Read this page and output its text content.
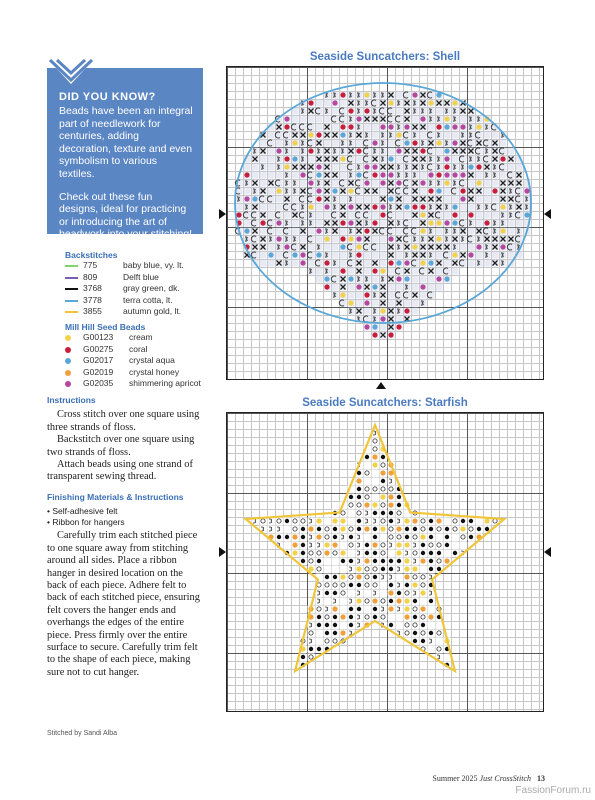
DID YOU KNOW?

Beads have been an integral part of needlework for centuries, adding decoration, texture and even symbolism to various textiles.

Check out these fun designs, ideal for practicing or introducing the art of beadwork into your stitching!

Backstitches
	775	baby blue, vy. lt.
	809	Delft blue
	3768	gray green, dk.
	3778	terra cotta, lt.
	3855	autumn gold, lt.
Mill Hill Seed Beads
	G00123	cream
	G00275	coral
	G02017	crystal aqua
	G02019	crystal honey
	G02035	shimmering apricot
Instructions

Cross stitch over one square using three strands of floss.

Backstitch over one square using two strands of floss.

Attach beads using one strand of transparent sewing thread.

Finishing Materials & Instructions
• Self-adhesive felt
• Ribbon for hangers

Carefully trim each stitched piece to one square away from stitching around all sides. Place a ribbon hanger in desired location on the back of each piece. Adhere felt to back of each stitched piece, ensuring felt covers the hanger ends and overhangs the edges of the entire piece. Press firmly over the entire surface to secure. Carefully trim felt to the shape of each piece, making sure not to cut hanger.

Stitched by Sandi Alba
Seaside Suncatchers: Shell
Seaside Suncatchers: Starfish
Summer 2025 Just CrossStitch 13
FassionForum.ru
